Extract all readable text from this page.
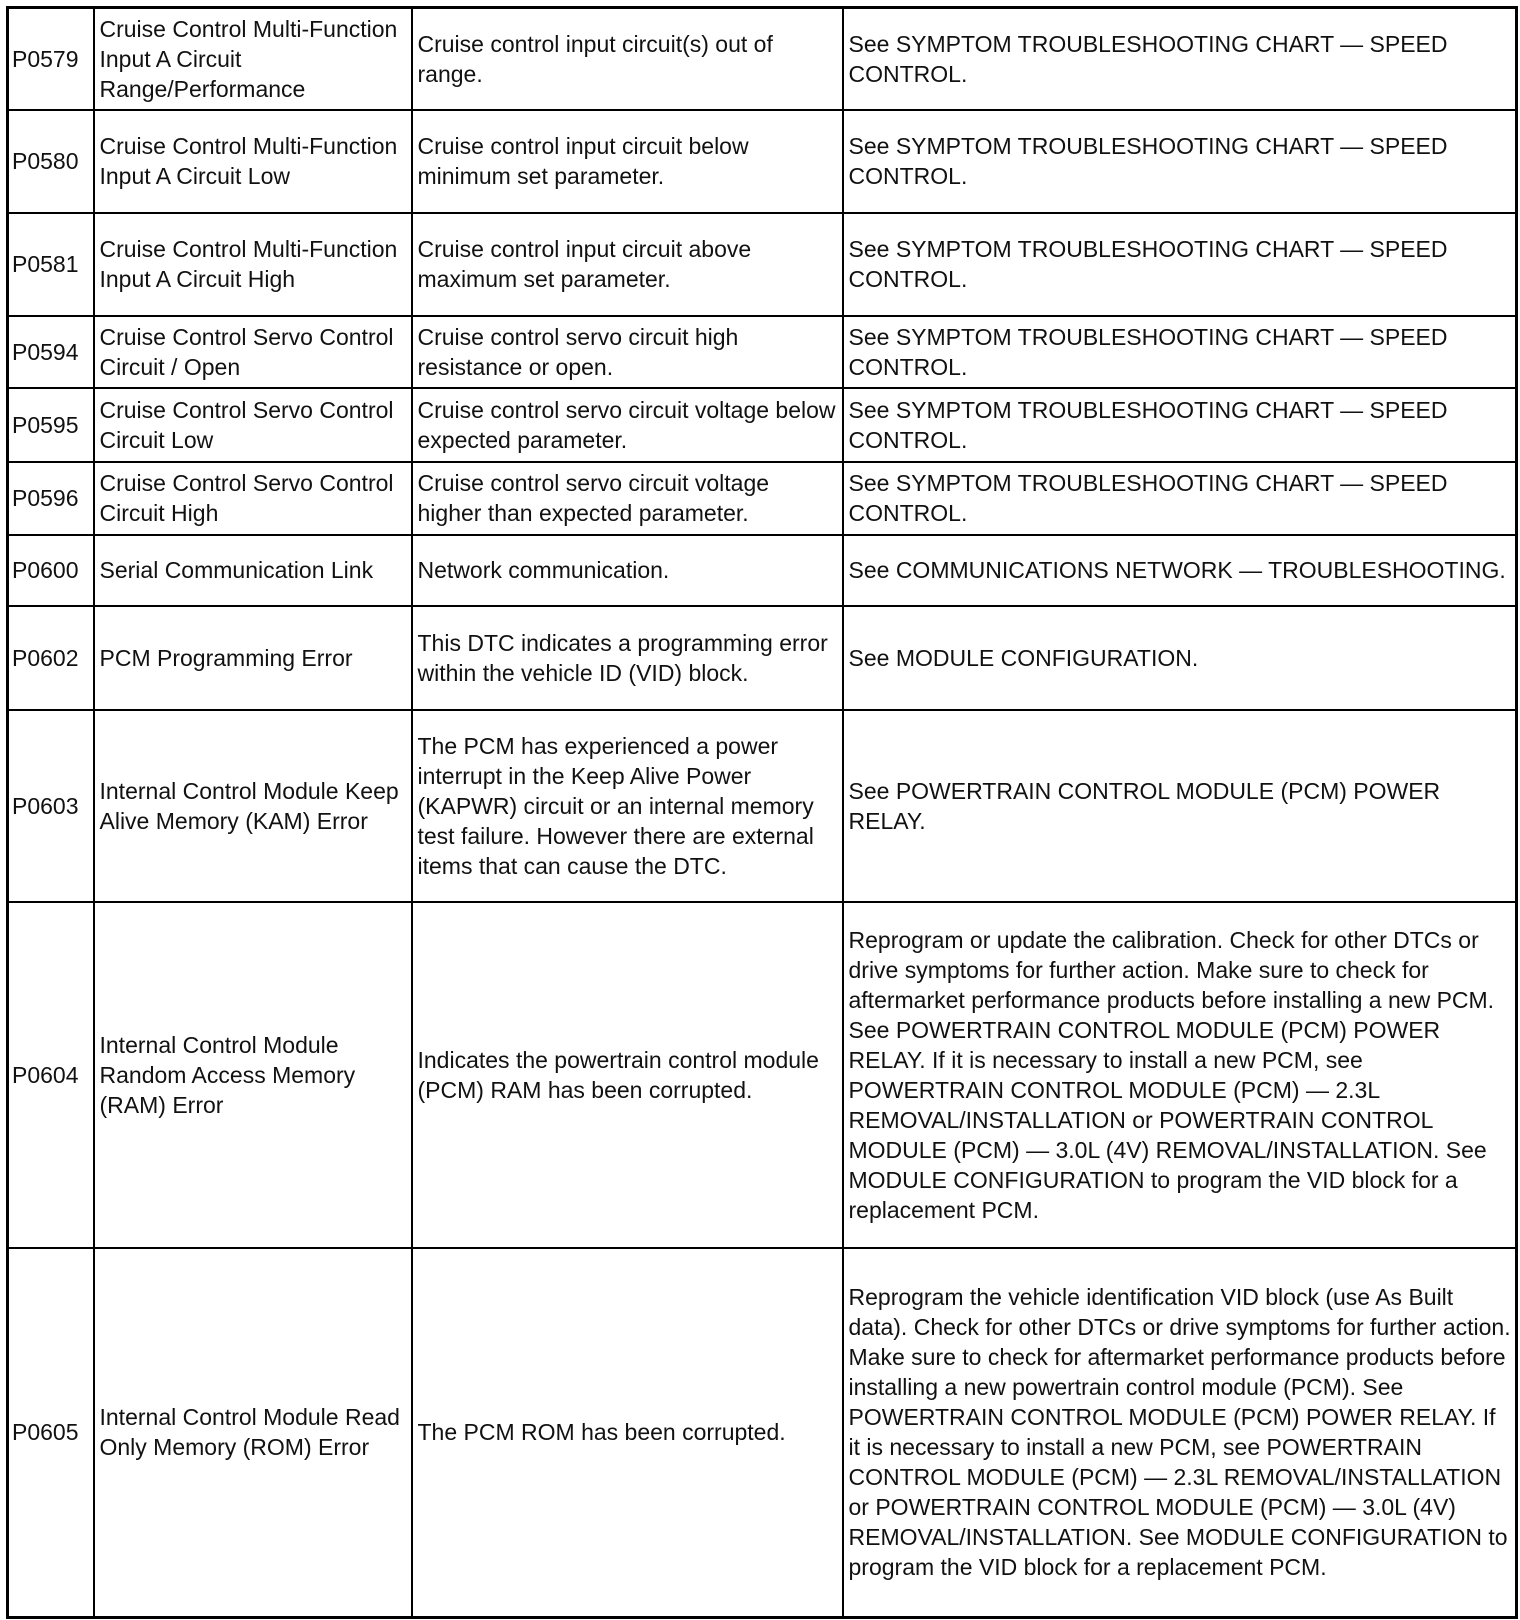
P0579	Cruise Control Multi-Function Input A Circuit Range/Performance	Cruise control input circuit(s) out of range.	See SYMPTOM TROUBLESHOOTING CHART — SPEED CONTROL.
P0580	Cruise Control Multi-Function Input A Circuit Low	Cruise control input circuit below minimum set parameter.	See SYMPTOM TROUBLESHOOTING CHART — SPEED CONTROL.
P0581	Cruise Control Multi-Function Input A Circuit High	Cruise control input circuit above maximum set parameter.	See SYMPTOM TROUBLESHOOTING CHART — SPEED CONTROL.
P0594	Cruise Control Servo Control Circuit / Open	Cruise control servo circuit high resistance or open.	See SYMPTOM TROUBLESHOOTING CHART — SPEED CONTROL.
P0595	Cruise Control Servo Control Circuit Low	Cruise control servo circuit voltage below expected parameter.	See SYMPTOM TROUBLESHOOTING CHART — SPEED CONTROL.
P0596	Cruise Control Servo Control Circuit High	Cruise control servo circuit voltage higher than expected parameter.	See SYMPTOM TROUBLESHOOTING CHART — SPEED CONTROL.
P0600	Serial Communication Link	Network communication.	See COMMUNICATIONS NETWORK — TROUBLESHOOTING.
P0602	PCM Programming Error	This DTC indicates a programming error within the vehicle ID (VID) block.	See MODULE CONFIGURATION.
P0603	Internal Control Module Keep Alive Memory (KAM) Error	The PCM has experienced a power interrupt in the Keep Alive Power (KAPWR) circuit or an internal memory test failure. However there are external items that can cause the DTC.	See POWERTRAIN CONTROL MODULE (PCM) POWER RELAY.
P0604	Internal Control Module Random Access Memory (RAM) Error	Indicates the powertrain control module (PCM) RAM has been corrupted.	Reprogram or update the calibration. Check for other DTCs or drive symptoms for further action. Make sure to check for aftermarket performance products before installing a new PCM. See POWERTRAIN CONTROL MODULE (PCM) POWER RELAY. If it is necessary to install a new PCM, see POWERTRAIN CONTROL MODULE (PCM) — 2.3L REMOVAL/INSTALLATION or POWERTRAIN CONTROL MODULE (PCM) — 3.0L (4V) REMOVAL/INSTALLATION. See MODULE CONFIGURATION to program the VID block for a replacement PCM.
P0605	Internal Control Module Read Only Memory (ROM) Error	The PCM ROM has been corrupted.	Reprogram the vehicle identification VID block (use As Built data). Check for other DTCs or drive symptoms for further action. Make sure to check for aftermarket performance products before installing a new powertrain control module (PCM). See POWERTRAIN CONTROL MODULE (PCM) POWER RELAY. If it is necessary to install a new PCM, see POWERTRAIN CONTROL MODULE (PCM) — 2.3L REMOVAL/INSTALLATION or POWERTRAIN CONTROL MODULE (PCM) — 3.0L (4V) REMOVAL/INSTALLATION. See MODULE CONFIGURATION to program the VID block for a replacement PCM.
